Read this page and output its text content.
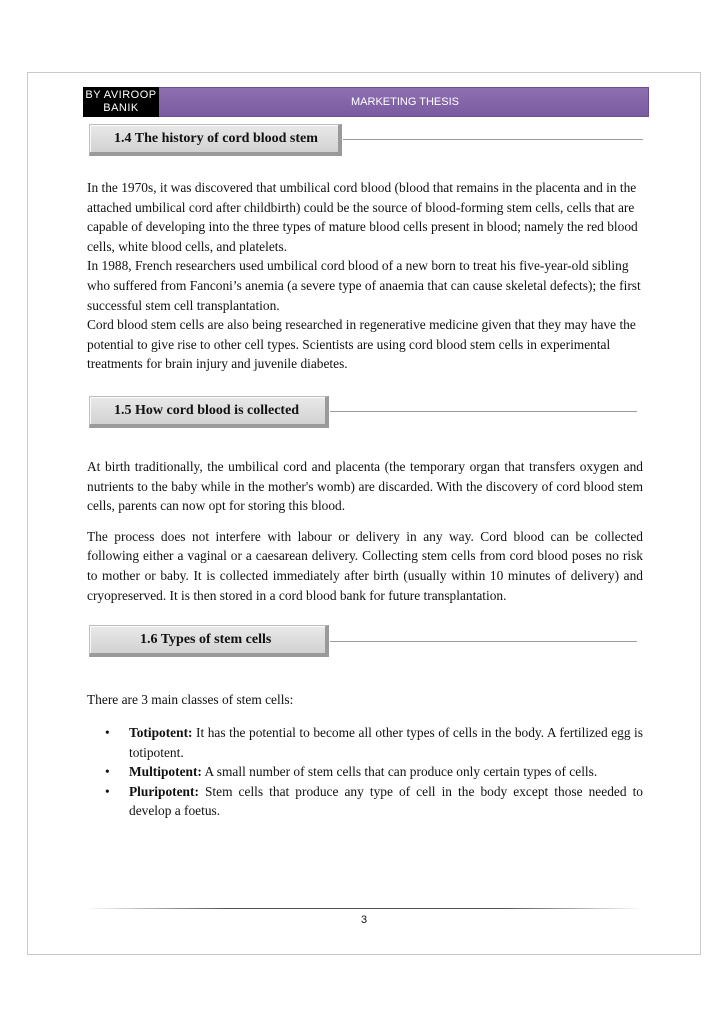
BY AVIROOP
BANIK	MARKETING THESIS
1.4 The history of cord blood stem
In the 1970s, it was discovered that umbilical cord blood (blood that remains in the placenta and in the attached umbilical cord after childbirth) could be the source of blood-forming stem cells, cells that are capable of developing into the three types of mature blood cells present in blood; namely the red blood cells, white blood cells, and platelets.
In 1988, French researchers used umbilical cord blood of a new born to treat his five-year-old sibling who suffered from Fanconi’s anemia (a severe type of anaemia that can cause skeletal defects); the first successful stem cell transplantation.
Cord blood stem cells are also being researched in regenerative medicine given that they may have the potential to give rise to other cell types. Scientists are using cord blood stem cells in experimental treatments for brain injury and juvenile diabetes.
1.5 How cord blood is collected
At birth traditionally, the umbilical cord and placenta (the temporary organ that transfers oxygen and nutrients to the baby while in the mother's womb) are discarded. With the discovery of cord blood stem cells, parents can now opt for storing this blood.
The process does not interfere with labour or delivery in any way. Cord blood can be collected following either a vaginal or a caesarean delivery. Collecting stem cells from cord blood poses no risk to mother or baby. It is collected immediately after birth (usually within 10 minutes of delivery) and cryopreserved. It is then stored in a cord blood bank for future transplantation.
1.6 Types of stem cells

There are 3 main classes of stem cells:

• Totipotent: It has the potential to become all other types of cells in the body. A fertilized egg is totipotent.
• Multipotent: A small number of stem cells that can produce only certain types of cells.
• Pluripotent: Stem cells that produce any type of cell in the body except those needed to develop a foetus.
3
